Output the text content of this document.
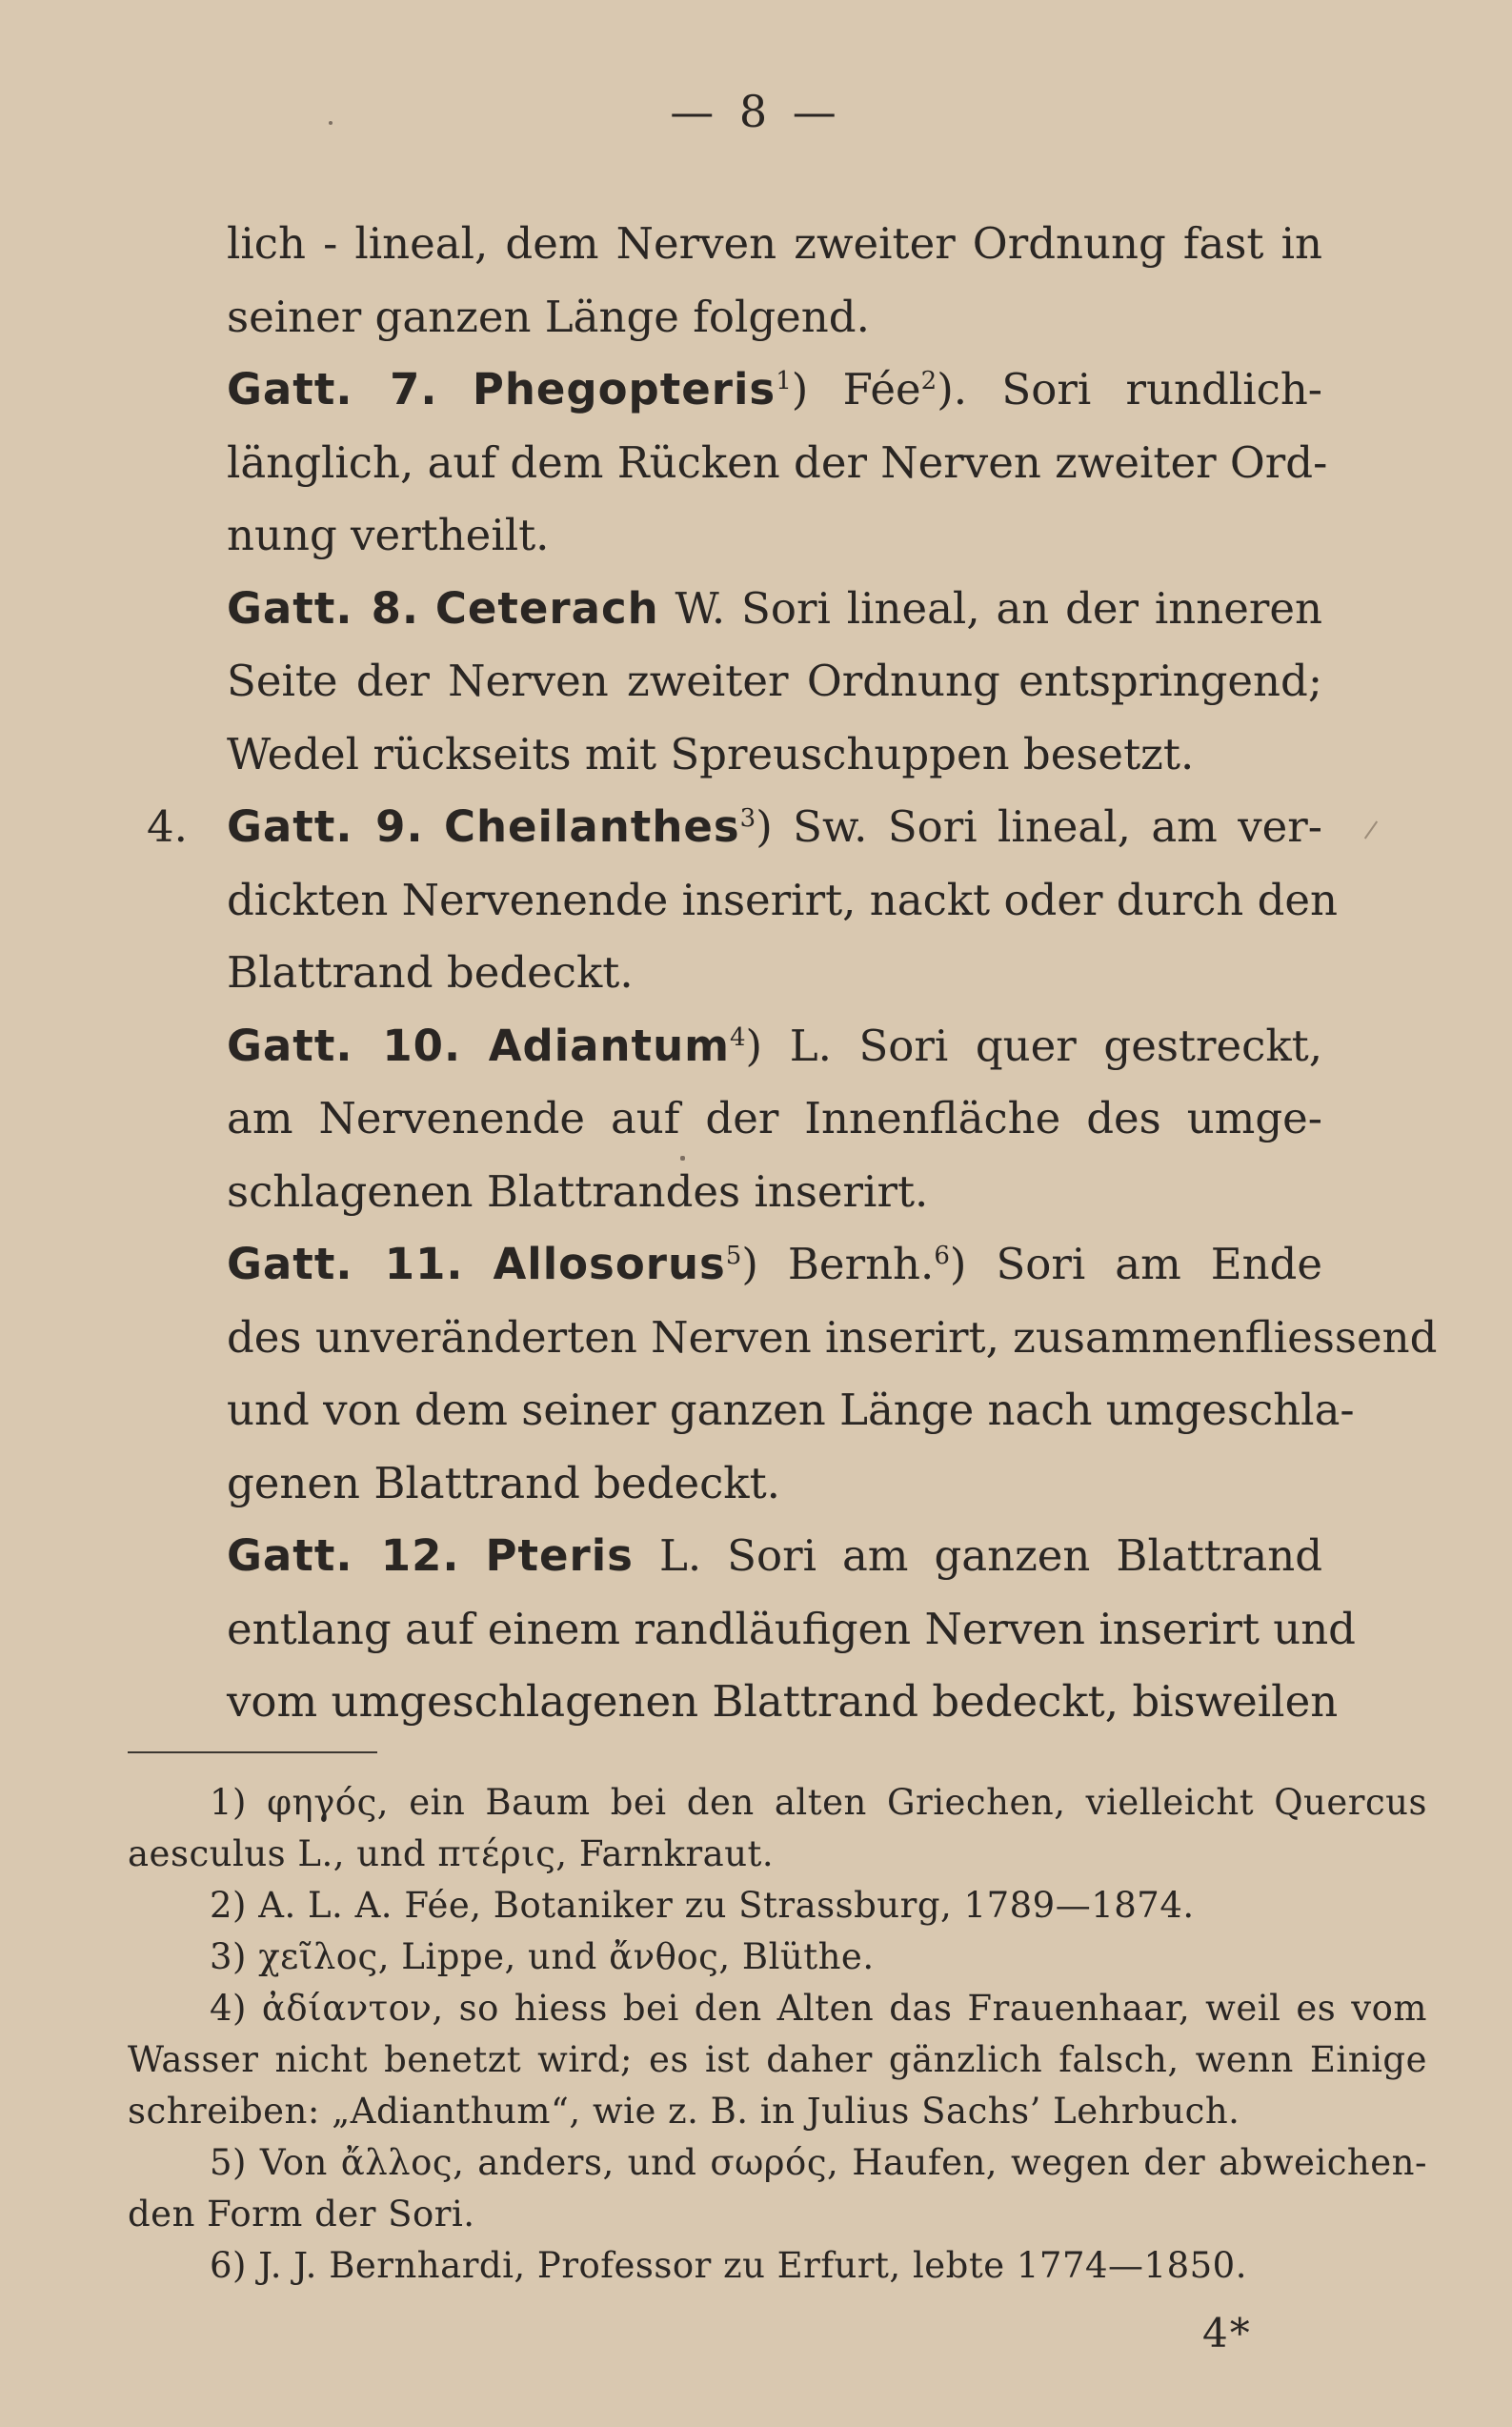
— 8 —
lich - lineal, dem Nerven zweiter Ordnung fast in
seiner ganzen Länge folgend.
Gatt. 7. Phegopteris$^1$) Fée$^2$). Sori rundlich-
länglich, auf dem Rücken der Nerven zweiter Ord-
nung vertheilt.
Gatt. 8. Ceterach W. Sori lineal, an der inneren
Seite der Nerven zweiter Ordnung entspringend;
Wedel rückseits mit Spreuschuppen besetzt.
4. Gatt. 9. Cheilanthes$^3$) Sw. Sori lineal, am ver-
dickten Nervenende inserirt, nackt oder durch den
Blattrand bedeckt.
Gatt. 10. Adiantum$^4$) L. Sori quer gestreckt,
am Nervenende auf der Innenfläche des umge-
schlagenen Blattrandes inserirt.
Gatt. 11. Allosorus$^5$) Bernh.$^6$) Sori am Ende
des unveränderten Nerven inserirt, zusammenfliessend
und von dem seiner ganzen Länge nach umgeschla-
genen Blattrand bedeckt.
Gatt. 12. Pteris L. Sori am ganzen Blattrand
entlang auf einem randläufigen Nerven inserirt und
vom umgeschlagenen Blattrand bedeckt, bisweilen
1) φηγός, ein Baum bei den alten Griechen, vielleicht Quercus
aesculus L., und πτέρις, Farnkraut.
2) A. L. A. Fée, Botaniker zu Strassburg, 1789—1874.
3) χεῖλος, Lippe, und ἄνθος, Blüthe.
4) ἀδίαντον, so hiess bei den Alten das Frauenhaar, weil es vom
Wasser nicht benetzt wird; es ist daher gänzlich falsch, wenn Einige
schreiben: „Adianthum“, wie z. B. in Julius Sachs’ Lehrbuch.
5) Von ἄλλος, anders, und σωρός, Haufen, wegen der abweichen-
den Form der Sori.
6) J. J. Bernhardi, Professor zu Erfurt, lebte 1774—1850.
4*
